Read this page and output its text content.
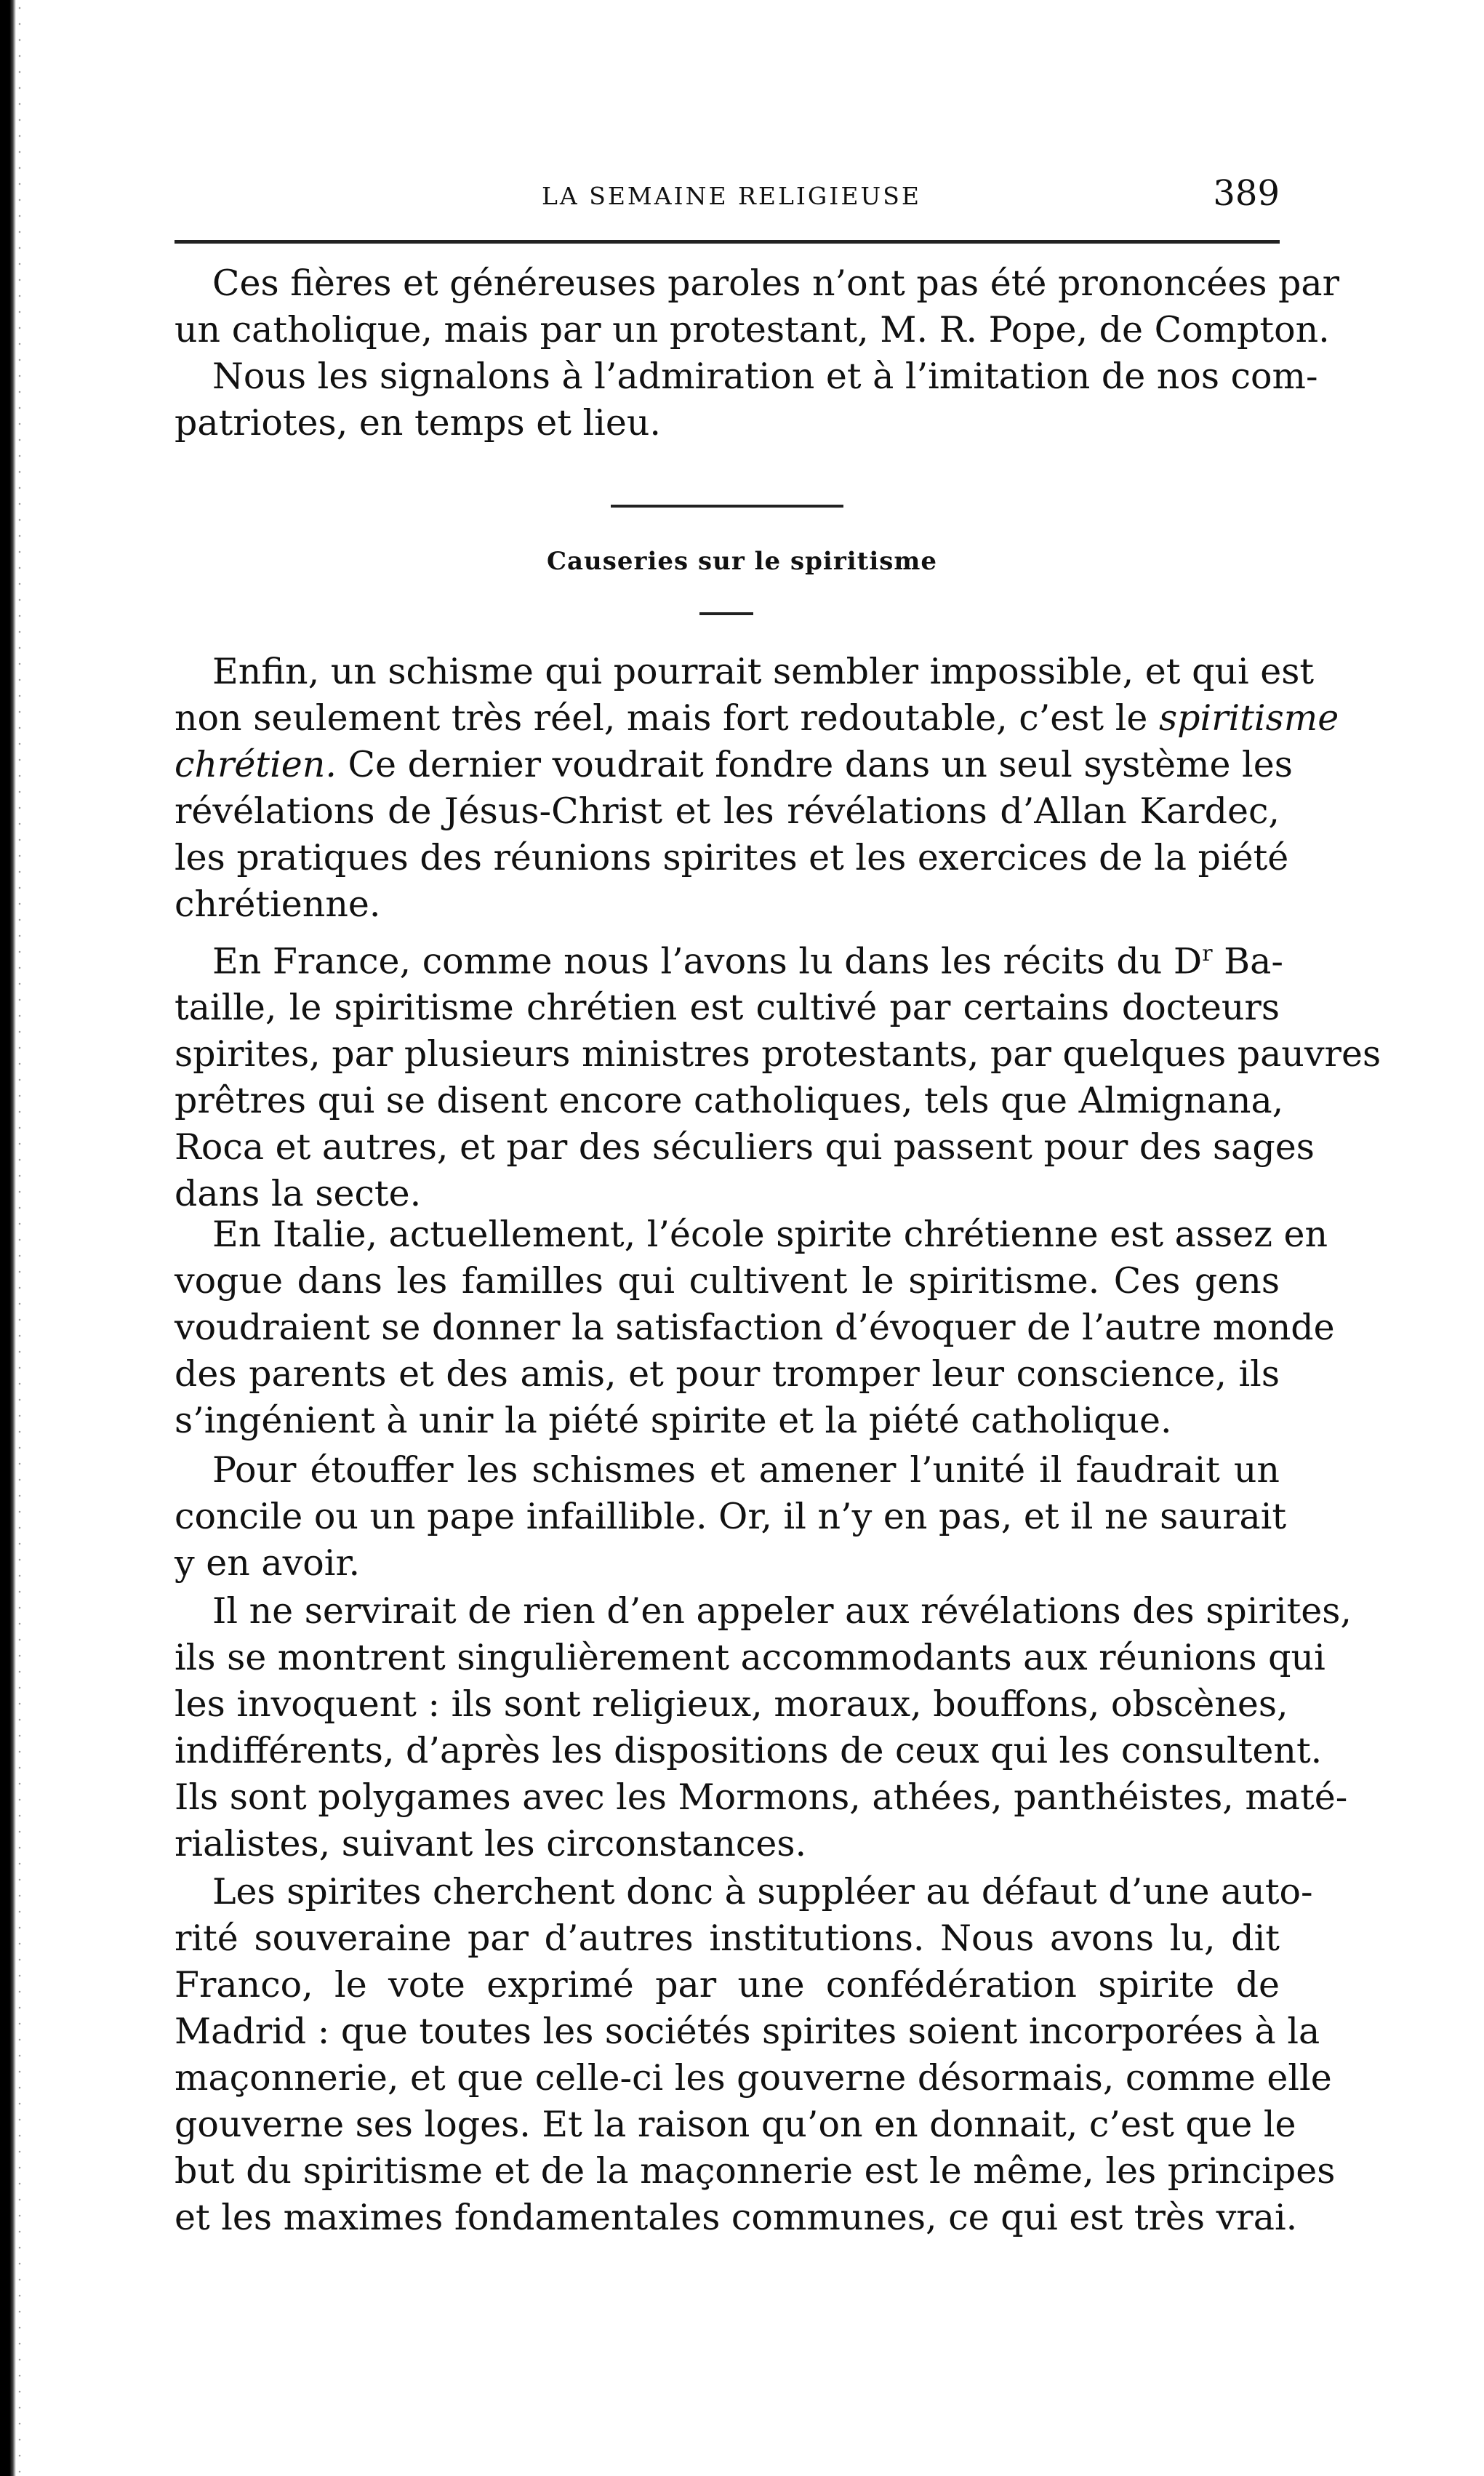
LA SEMAINE RELIGIEUSE	389
Ces fières et généreuses paroles n’ont pas été prononcées par
un catholique, mais par un protestant, M. R. Pope, de Compton.
Nous les signalons à l’admiration et à l’imitation de nos com-
patriotes, en temps et lieu.
Causeries sur le spiritisme
Enfin, un schisme qui pourrait sembler impossible, et qui est
non seulement très réel, mais fort redoutable, c’est le spiritisme
chrétien. Ce dernier voudrait fondre dans un seul système les
révélations de Jésus-Christ et les révélations d’Allan Kardec,
les pratiques des réunions spirites et les exercices de la piété
chrétienne.
En France, comme nous l’avons lu dans les récits du $D^r$ Ba-
taille, le spiritisme chrétien est cultivé par certains docteurs
spirites, par plusieurs ministres protestants, par quelques pauvres
prêtres qui se disent encore catholiques, tels que Almignana,
Roca et autres, et par des séculiers qui passent pour des sages
dans la secte.
En Italie, actuellement, l’école spirite chrétienne est assez en
vogue dans les familles qui cultivent le spiritisme. Ces gens
voudraient se donner la satisfaction d’évoquer de l’autre monde
des parents et des amis, et pour tromper leur conscience, ils
s’ingénient à unir la piété spirite et la piété catholique.
Pour étouffer les schismes et amener l’unité il faudrait un
concile ou un pape infaillible. Or, il n’y en pas, et il ne saurait
y en avoir.
Il ne servirait de rien d’en appeler aux révélations des spirites,
ils se montrent singulièrement accommodants aux réunions qui
les invoquent : ils sont religieux, moraux, bouffons, obscènes,
indifférents, d’après les dispositions de ceux qui les consultent.
Ils sont polygames avec les Mormons, athées, panthéistes, maté-
rialistes, suivant les circonstances.
Les spirites cherchent donc à suppléer au défaut d’une auto-
rité souveraine par d’autres institutions. Nous avons lu, dit
Franco, le vote exprimé par une confédération spirite de
Madrid : que toutes les sociétés spirites soient incorporées à la
maçonnerie, et que celle-ci les gouverne désormais, comme elle
gouverne ses loges. Et la raison qu’on en donnait, c’est que le
but du spiritisme et de la maçonnerie est le même, les principes
et les maximes fondamentales communes, ce qui est très vrai.
